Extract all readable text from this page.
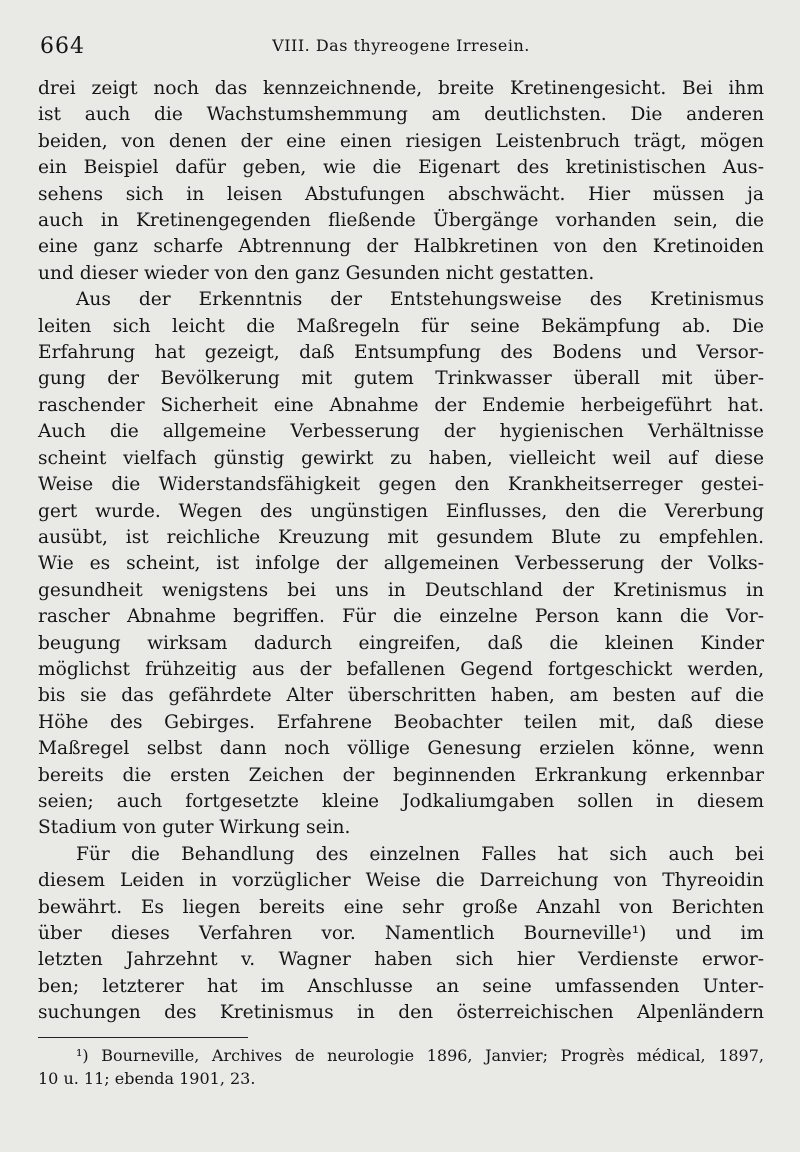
664	VIII. Das thyreogene Irresein.

drei zeigt noch das kennzeichnende, breite Kretinengesicht. Bei ihm
ist auch die Wachstumshemmung am deutlichsten. Die anderen
beiden, von denen der eine einen riesigen Leistenbruch trägt, mögen
ein Beispiel dafür geben, wie die Eigenart des kretinistischen Aus-
sehens sich in leisen Abstufungen abschwächt. Hier müssen ja
auch in Kretinengegenden fließende Übergänge vorhanden sein, die
eine ganz scharfe Abtrennung der Halbkretinen von den Kretinoiden
und dieser wieder von den ganz Gesunden nicht gestatten.

Aus der Erkenntnis der Entstehungsweise des Kretinismus
leiten sich leicht die Maßregeln für seine Bekämpfung ab. Die
Erfahrung hat gezeigt, daß Entsumpfung des Bodens und Versor-
gung der Bevölkerung mit gutem Trinkwasser überall mit über-
raschender Sicherheit eine Abnahme der Endemie herbeigeführt hat.
Auch die allgemeine Verbesserung der hygienischen Verhältnisse
scheint vielfach günstig gewirkt zu haben, vielleicht weil auf diese
Weise die Widerstandsfähigkeit gegen den Krankheitserreger gestei-
gert wurde. Wegen des ungünstigen Einflusses, den die Vererbung
ausübt, ist reichliche Kreuzung mit gesundem Blute zu empfehlen.
Wie es scheint, ist infolge der allgemeinen Verbesserung der Volks-
gesundheit wenigstens bei uns in Deutschland der Kretinismus in
rascher Abnahme begriffen. Für die einzelne Person kann die Vor-
beugung wirksam dadurch eingreifen, daß die kleinen Kinder
möglichst frühzeitig aus der befallenen Gegend fortgeschickt werden,
bis sie das gefährdete Alter überschritten haben, am besten auf die
Höhe des Gebirges. Erfahrene Beobachter teilen mit, daß diese
Maßregel selbst dann noch völlige Genesung erzielen könne, wenn
bereits die ersten Zeichen der beginnenden Erkrankung erkennbar
seien; auch fortgesetzte kleine Jodkaliumgaben sollen in diesem
Stadium von guter Wirkung sein.

Für die Behandlung des einzelnen Falles hat sich auch bei
diesem Leiden in vorzüglicher Weise die Darreichung von Thyreoidin
bewährt. Es liegen bereits eine sehr große Anzahl von Berichten
über dieses Verfahren vor. Namentlich Bourneville¹) und im
letzten Jahrzehnt v. Wagner haben sich hier Verdienste erwor-
ben; letzterer hat im Anschlusse an seine umfassenden Unter-
suchungen des Kretinismus in den österreichischen Alpenländern

¹) Bourneville, Archives de neurologie 1896, Janvier; Progrès médical, 1897,
10 u. 11; ebenda 1901, 23.
